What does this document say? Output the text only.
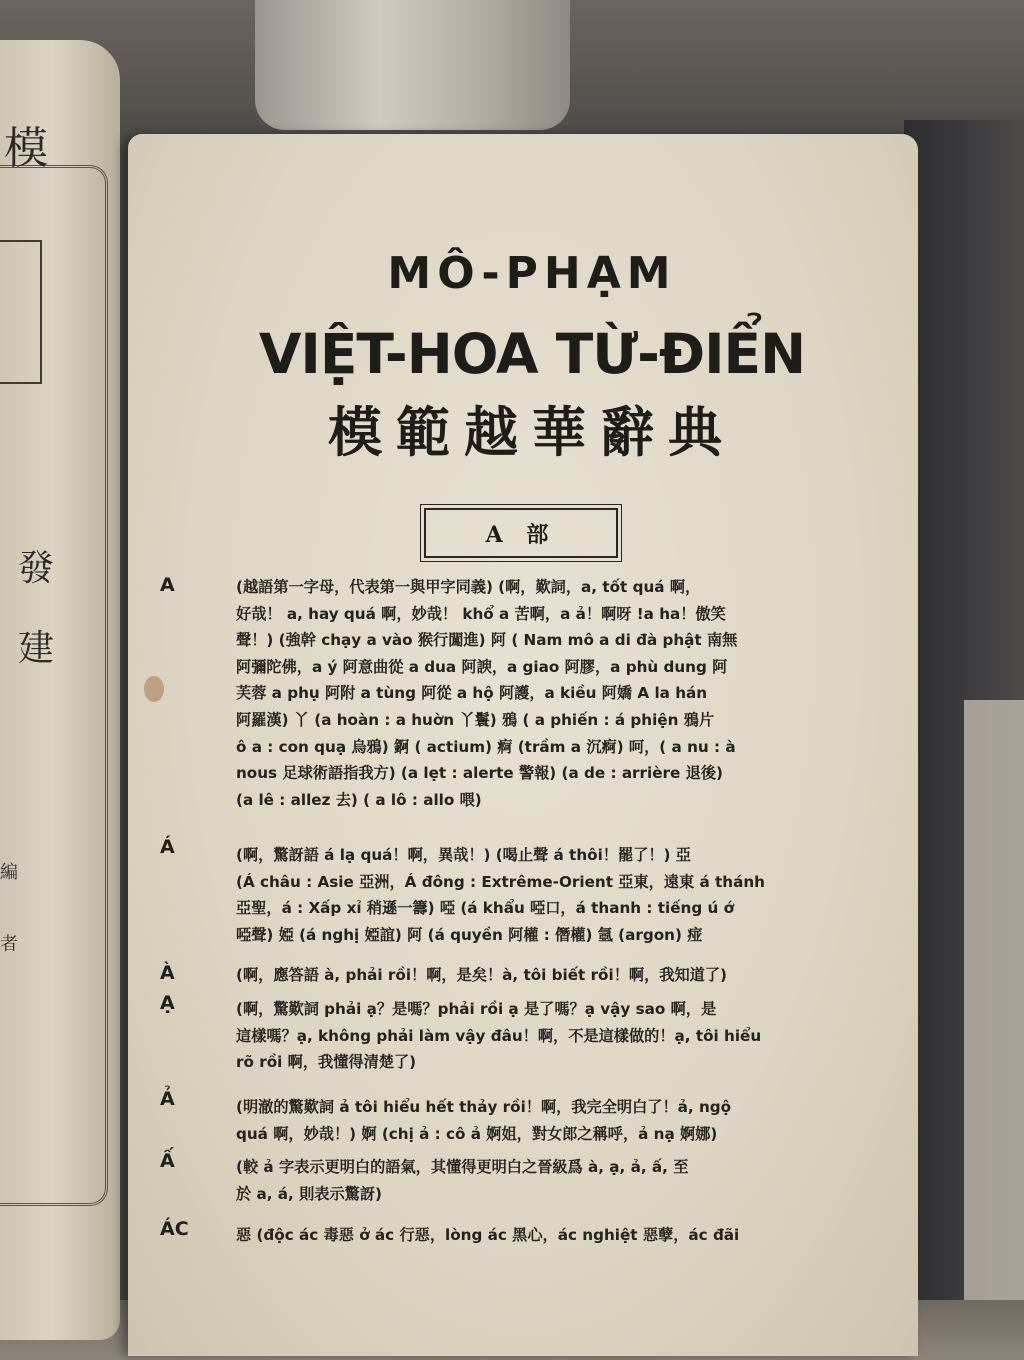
模
發
建
編
者
MÔ-PHẠM
VIỆT-HOA TỪ-ĐIỂN
模範越華辭典
A 部
A	(越語第一字母，代表第一與甲字同義) (啊，歎詞，a, tốt quá 啊，
好哉！ a, hay quá 啊，妙哉！ khổ a 苦啊，a ả！啊呀 !a ha！傲笑
聲！) (強幹 chạy a vào 猴行闖進) 阿 ( Nam mô a di đà phật 南無
阿彌陀佛，a ý 阿意曲從 a dua 阿諛，a giao 阿膠，a phù dung 阿
芙蓉 a phụ 阿附 a tùng 阿從 a hộ 阿護，a kiều 阿嬌 A la hán
阿羅漢) 丫 (a hoàn : a huờn 丫鬟) 鴉 ( a phiến : á phiện 鴉片
ô a : con quạ 烏鴉) 錒 ( actium) 痾 (trầm a 沉痾) 呵，( a nu : à
nous 足球術語指我方) (a lẹt : alerte 警報) (a de : arrière 退後)
(a lê : allez 去) ( a lô : allo 喂)
Á	(啊，驚訝語 á lạ quá！啊，異哉！) (喝止聲 á thôi！罷了！) 亞
(Á châu : Asie 亞洲，Á đông : Extrême-Orient 亞東，遠東 á thánh
亞聖，á : Xấp xỉ 稍遜一籌) 啞 (á khẩu 啞口，á thanh : tiếng ú ớ
啞聲) 婭 (á nghị 婭誼) 阿 (á quyền 阿權 : 僭權) 氬 (argon) 痖
À	(啊，應答語 à, phải rồi！啊，是矣！à, tôi biết rồi！啊，我知道了)
Ạ	(啊，驚歎詞 phải ạ？是嗎？phải rồi ạ 是了嗎？ạ vậy sao 啊，是
這樣嗎？ạ, không phải làm vậy đâu！啊，不是這樣做的！ạ, tôi hiểu
rõ rồi 啊，我懂得清楚了)
Ả	(明澈的驚歎詞 ả tôi hiểu hết thảy rồi！啊，我完全明白了！ả, ngộ
quá 啊，妙哉！) 婀 (chị ả : cô ả 婀姐，對女郎之稱呼，ả nạ 婀娜)
Ấ	(較 ả 字表示更明白的語氣，其懂得更明白之晉級爲 à, ạ, ả, ấ, 至
於 a, á, 則表示驚訝)
ÁC	惡 (độc ác 毒惡 ở ác 行惡，lòng ác 黑心，ác nghiệt 惡孽，ác đãi
